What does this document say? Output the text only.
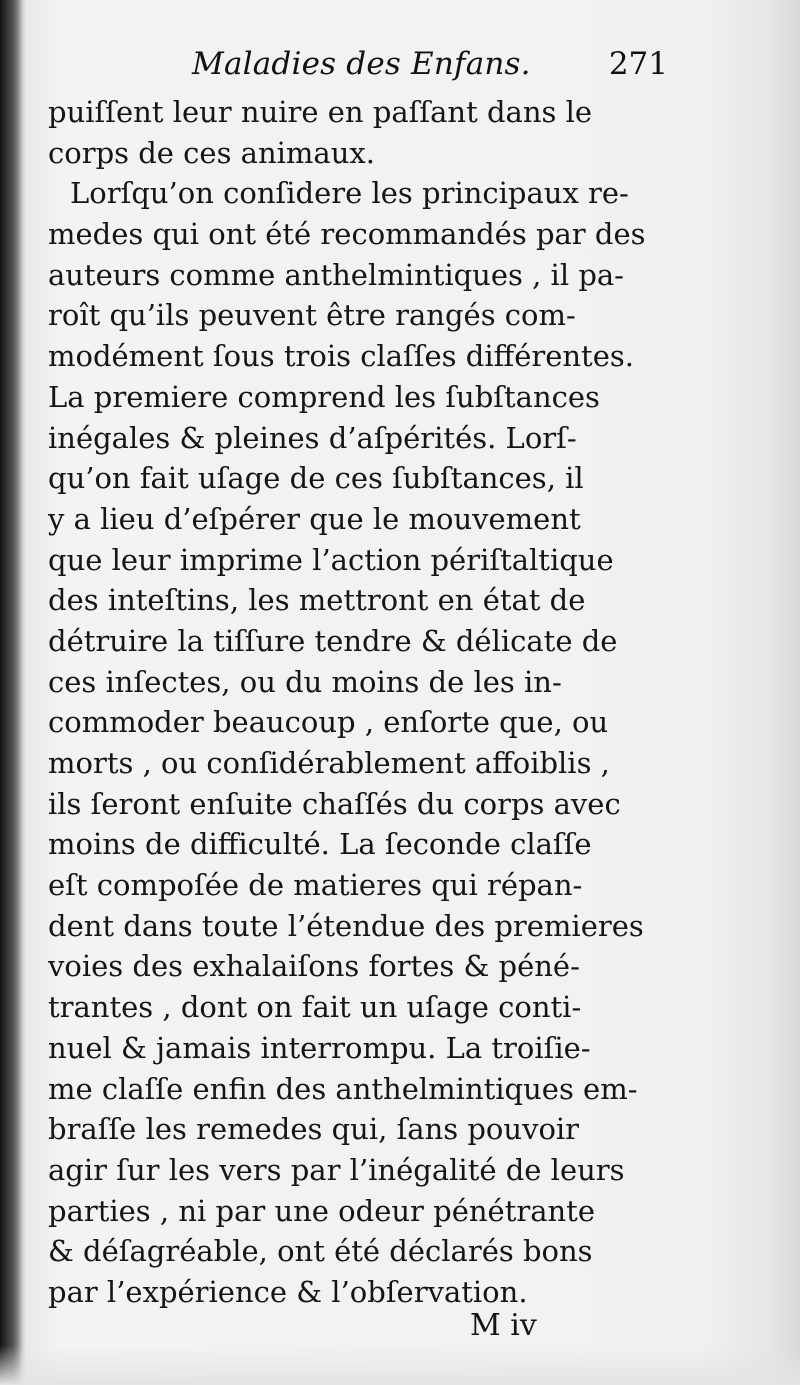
Maladies des Enfans.	271
puiſſent leur nuire en paſſant dans le
corps de ces animaux.
Lorſqu’on conſidere les principaux re-
medes qui ont été recommandés par des
auteurs comme anthelmintiques , il pa-
roît qu’ils peuvent être rangés com-
modément ſous trois claſſes différentes.
La premiere comprend les ſubſtances
inégales & pleines d’aſpérités. Lorſ-
qu’on fait uſage de ces ſubſtances, il
y a lieu d’eſpérer que le mouvement
que leur imprime l’action périſtaltique
des inteſtins, les mettront en état de
détruire la tiſſure tendre & délicate de
ces inſectes, ou du moins de les in-
commoder beaucoup , enſorte que, ou
morts , ou conſidérablement affoiblis ,
ils ſeront enſuite chaſſés du corps avec
moins de difficulté. La ſeconde claſſe
eſt compoſée de matieres qui répan-
dent dans toute l’étendue des premieres
voies des exhalaiſons fortes & péné-
trantes , dont on fait un uſage conti-
nuel & jamais interrompu. La troiſie-
me claſſe enfin des anthelmintiques em-
braſſe les remedes qui, ſans pouvoir
agir ſur les vers par l’inégalité de leurs
parties , ni par une odeur pénétrante
& déſagréable, ont été déclarés bons
par l’expérience & l’obſervation.
M iv
